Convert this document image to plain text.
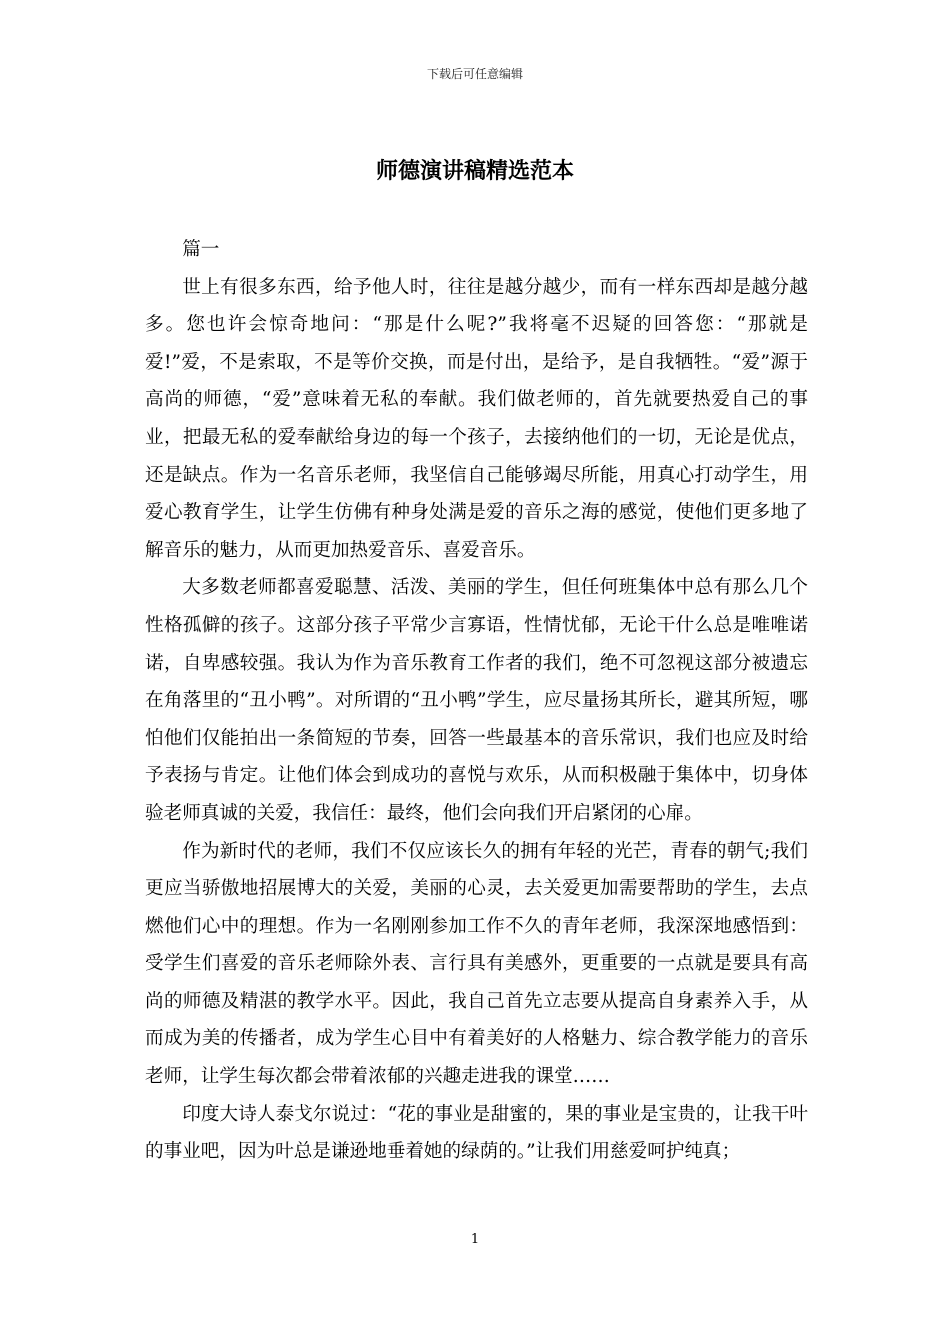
下载后可任意编辑
师德演讲稿精选范本

篇一

世上有很多东西，给予他人时，往往是越分越少，而有一样东西却是越分越多。您也许会惊奇地问：“那是什么呢?”我将毫不迟疑的回答您：“那就是爱!”爱，不是索取，不是等价交换，而是付出，是给予，是自我牺牲。“爱”源于高尚的师德，“爱”意味着无私的奉献。我们做老师的，首先就要热爱自己的事业，把最无私的爱奉献给身边的每一个孩子，去接纳他们的一切，无论是优点，还是缺点。作为一名音乐老师，我坚信自己能够竭尽所能，用真心打动学生，用爱心教育学生，让学生仿佛有种身处满是爱的音乐之海的感觉，使他们更多地了解音乐的魅力，从而更加热爱音乐、喜爱音乐。

大多数老师都喜爱聪慧、活泼、美丽的学生，但任何班集体中总有那么几个性格孤僻的孩子。这部分孩子平常少言寡语，性情忧郁，无论干什么总是唯唯诺诺，自卑感较强。我认为作为音乐教育工作者的我们，绝不可忽视这部分被遗忘在角落里的“丑小鸭”。对所谓的“丑小鸭”学生，应尽量扬其所长，避其所短，哪怕他们仅能拍出一条简短的节奏，回答一些最基本的音乐常识，我们也应及时给予表扬与肯定。让他们体会到成功的喜悦与欢乐，从而积极融于集体中，切身体验老师真诚的关爱，我信任：最终，他们会向我们开启紧闭的心扉。

作为新时代的老师，我们不仅应该长久的拥有年轻的光芒，青春的朝气;我们更应当骄傲地招展博大的关爱，美丽的心灵，去关爱更加需要帮助的学生，去点燃他们心中的理想。作为一名刚刚参加工作不久的青年老师，我深深地感悟到：受学生们喜爱的音乐老师除外表、言行具有美感外，更重要的一点就是要具有高尚的师德及精湛的教学水平。因此，我自己首先立志要从提高自身素养入手，从而成为美的传播者，成为学生心目中有着美好的人格魅力、综合教学能力的音乐老师，让学生每次都会带着浓郁的兴趣走进我的课堂……

印度大诗人泰戈尔说过：“花的事业是甜蜜的，果的事业是宝贵的，让我干叶的事业吧，因为叶总是谦逊地垂着她的绿荫的。”让我们用慈爱呵护纯真；

1
